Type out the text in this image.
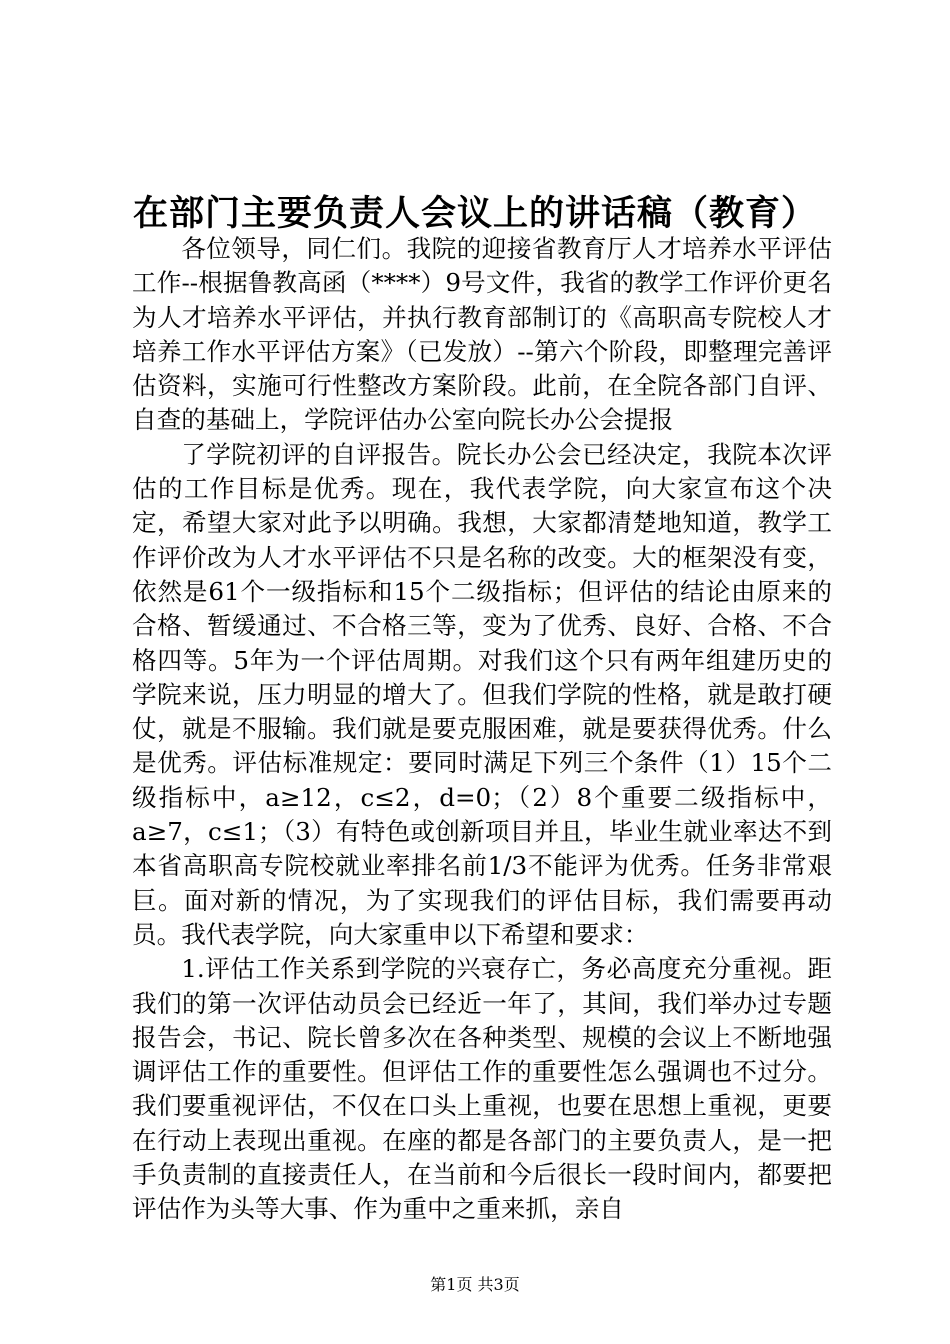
在部门主要负责人会议上的讲话稿（教育）

各位领导，同仁们。我院的迎接省教育厅人才培养水平评估工作--根据鲁教高函（****）9号文件，我省的教学工作评价更名为人才培养水平评估，并执行教育部制订的《高职高专院校人才培养工作水平评估方案》（已发放）--第六个阶段，即整理完善评估资料，实施可行性整改方案阶段。此前，在全院各部门自评、自查的基础上，学院评估办公室向院长办公会提报

了学院初评的自评报告。院长办公会已经决定，我院本次评估的工作目标是优秀。现在，我代表学院，向大家宣布这个决定，希望大家对此予以明确。我想，大家都清楚地知道，教学工作评价改为人才水平评估不只是名称的改变。大的框架没有变，依然是61个一级指标和15个二级指标；但评估的结论由原来的合格、暂缓通过、不合格三等，变为了优秀、良好、合格、不合格四等。5年为一个评估周期。对我们这个只有两年组建历史的学院来说，压力明显的增大了。但我们学院的性格，就是敢打硬仗，就是不服输。我们就是要克服困难，就是要获得优秀。什么是优秀。评估标准规定：要同时满足下列三个条件（1）15个二级指标中，a≥12，c≤2，d=0；（2）8个重要二级指标中，a≥7，c≤1；（3）有特色或创新项目并且，毕业生就业率达不到本省高职高专院校就业率排名前1/3不能评为优秀。任务非常艰巨。面对新的情况，为了实现我们的评估目标，我们需要再动员。我代表学院，向大家重申以下希望和要求：

1.评估工作关系到学院的兴衰存亡，务必高度充分重视。距我们的第一次评估动员会已经近一年了，其间，我们举办过专题报告会，书记、院长曾多次在各种类型、规模的会议上不断地强调评估工作的重要性。但评估工作的重要性怎么强调也不过分。我们要重视评估，不仅在口头上重视，也要在思想上重视，更要在行动上表现出重视。在座的都是各部门的主要负责人，是一把手负责制的直接责任人，在当前和今后很长一段时间内，都要把评估作为头等大事、作为重中之重来抓，亲自

第1页 共3页
